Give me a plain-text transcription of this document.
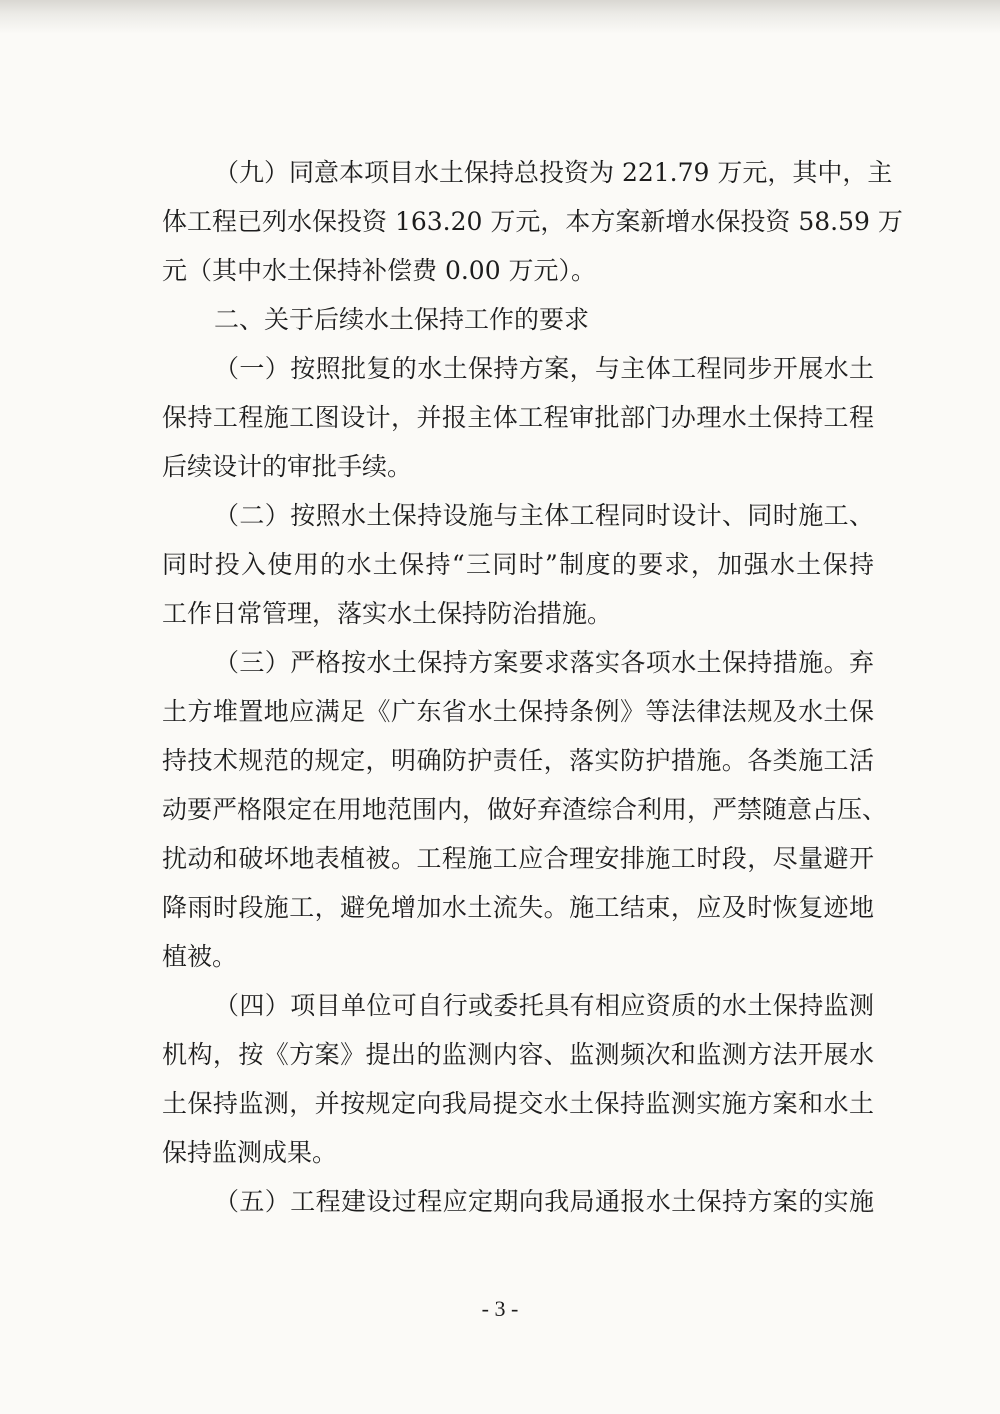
（九）同意本项目水土保持总投资为 221.79 万元，其中，主
体工程已列水保投资 163.20 万元，本方案新增水保投资 58.59 万
元（其中水土保持补偿费 0.00 万元）。
二、关于后续水土保持工作的要求
（一）按照批复的水土保持方案，与主体工程同步开展水土
保持工程施工图设计，并报主体工程审批部门办理水土保持工程
后续设计的审批手续。
（二）按照水土保持设施与主体工程同时设计、同时施工、
同时投入使用的水土保持“三同时”制度的要求，加强水土保持
工作日常管理，落实水土保持防治措施。
（三）严格按水土保持方案要求落实各项水土保持措施。弃
土方堆置地应满足《广东省水土保持条例》等法律法规及水土保
持技术规范的规定，明确防护责任，落实防护措施。各类施工活
动要严格限定在用地范围内，做好弃渣综合利用，严禁随意占压、
扰动和破坏地表植被。工程施工应合理安排施工时段，尽量避开
降雨时段施工，避免增加水土流失。施工结束，应及时恢复迹地
植被。
（四）项目单位可自行或委托具有相应资质的水土保持监测
机构，按《方案》提出的监测内容、监测频次和监测方法开展水
土保持监测，并按规定向我局提交水土保持监测实施方案和水土
保持监测成果。
（五）工程建设过程应定期向我局通报水土保持方案的实施
- 3 -
